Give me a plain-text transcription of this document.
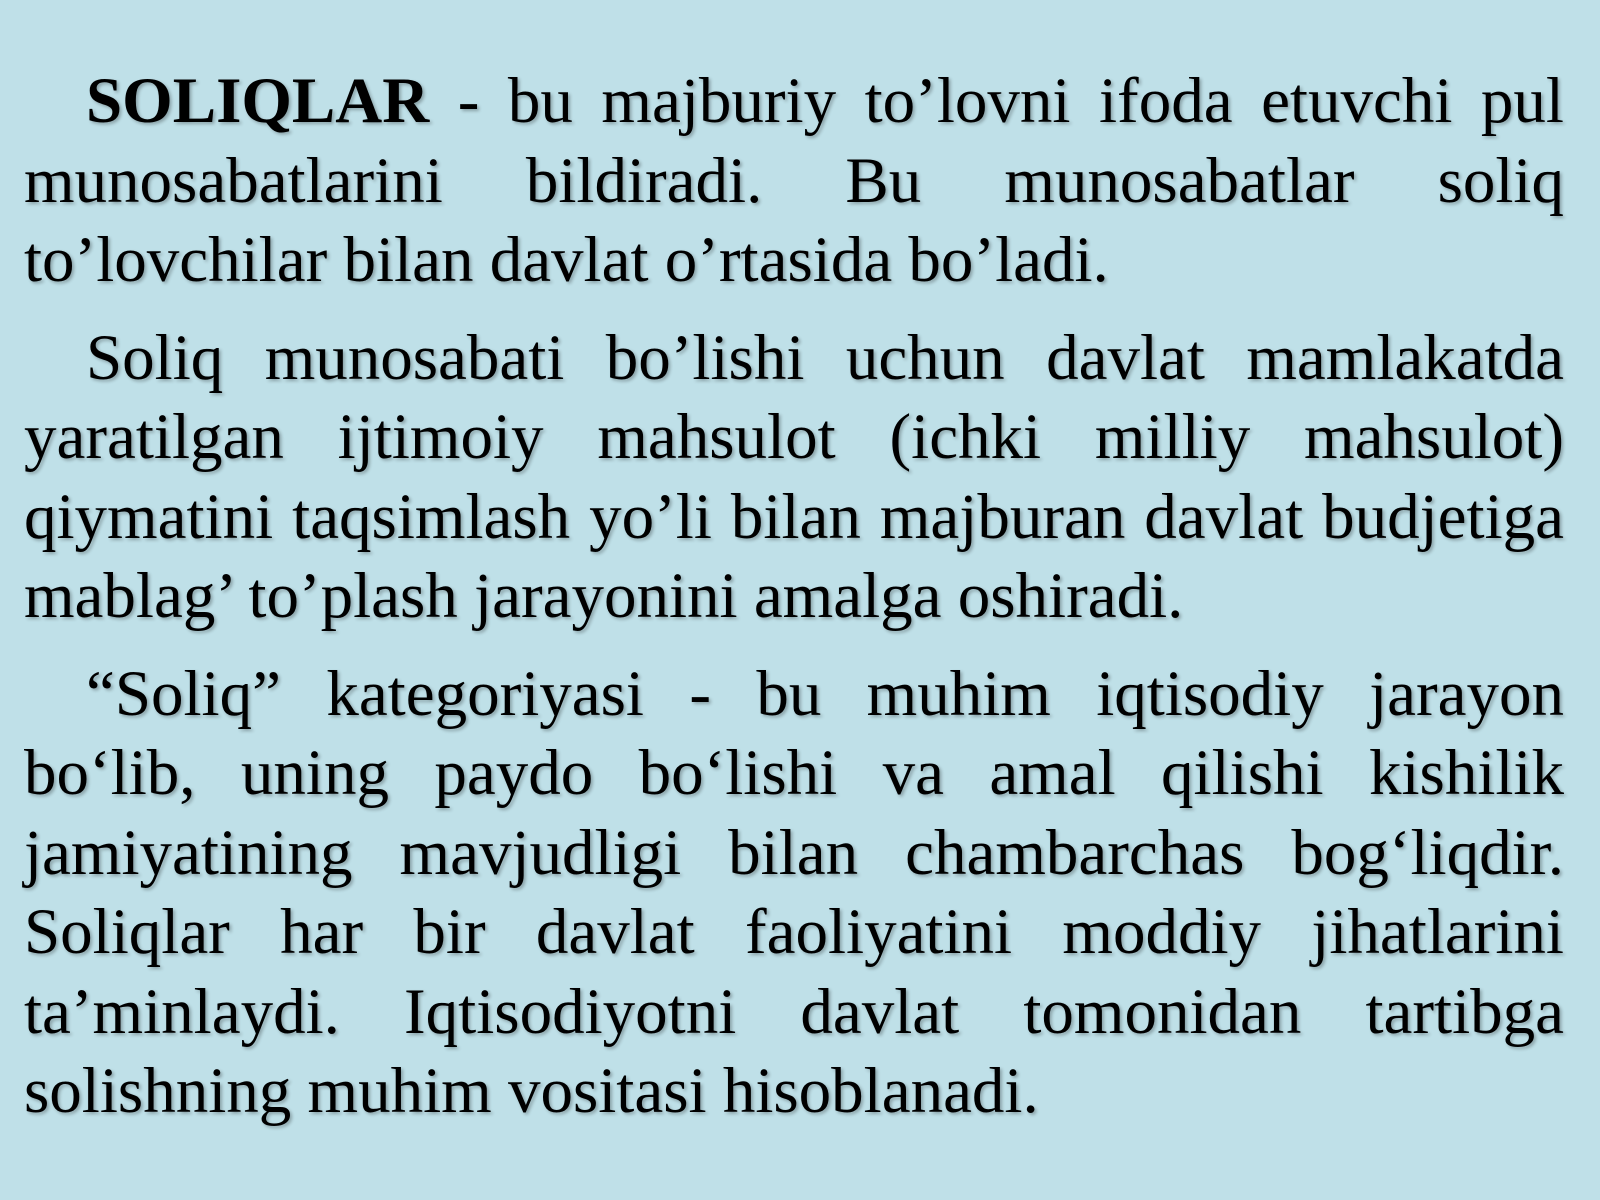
SOLIQLAR - bu majburiy to’lovni ifoda etuvchi pul munosabatlarini bildiradi. Bu munosabatlar soliq to’lovchilar bilan davlat o’rtasida bo’ladi.

Soliq munosabati bo’lishi uchun davlat mamlakatda yaratilgan ijtimoiy mahsulot (ichki milliy mahsulot) qiymatini taqsimlash yo’li bilan majburan davlat budjetiga mablag’ to’plash jarayonini amalga oshiradi.

“Soliq” kategoriyasi - bu muhim iqtisodiy jarayon bo‘lib, uning paydo bo‘lishi va amal qilishi kishilik jamiyatining mavjudligi bilan chambarchas bog‘liqdir. Soliqlar har bir davlat faoliyatini moddiy jihatlarini ta’minlaydi. Iqtisodiyotni davlat tomonidan tartibga solishning muhim vositasi hisoblanadi.
